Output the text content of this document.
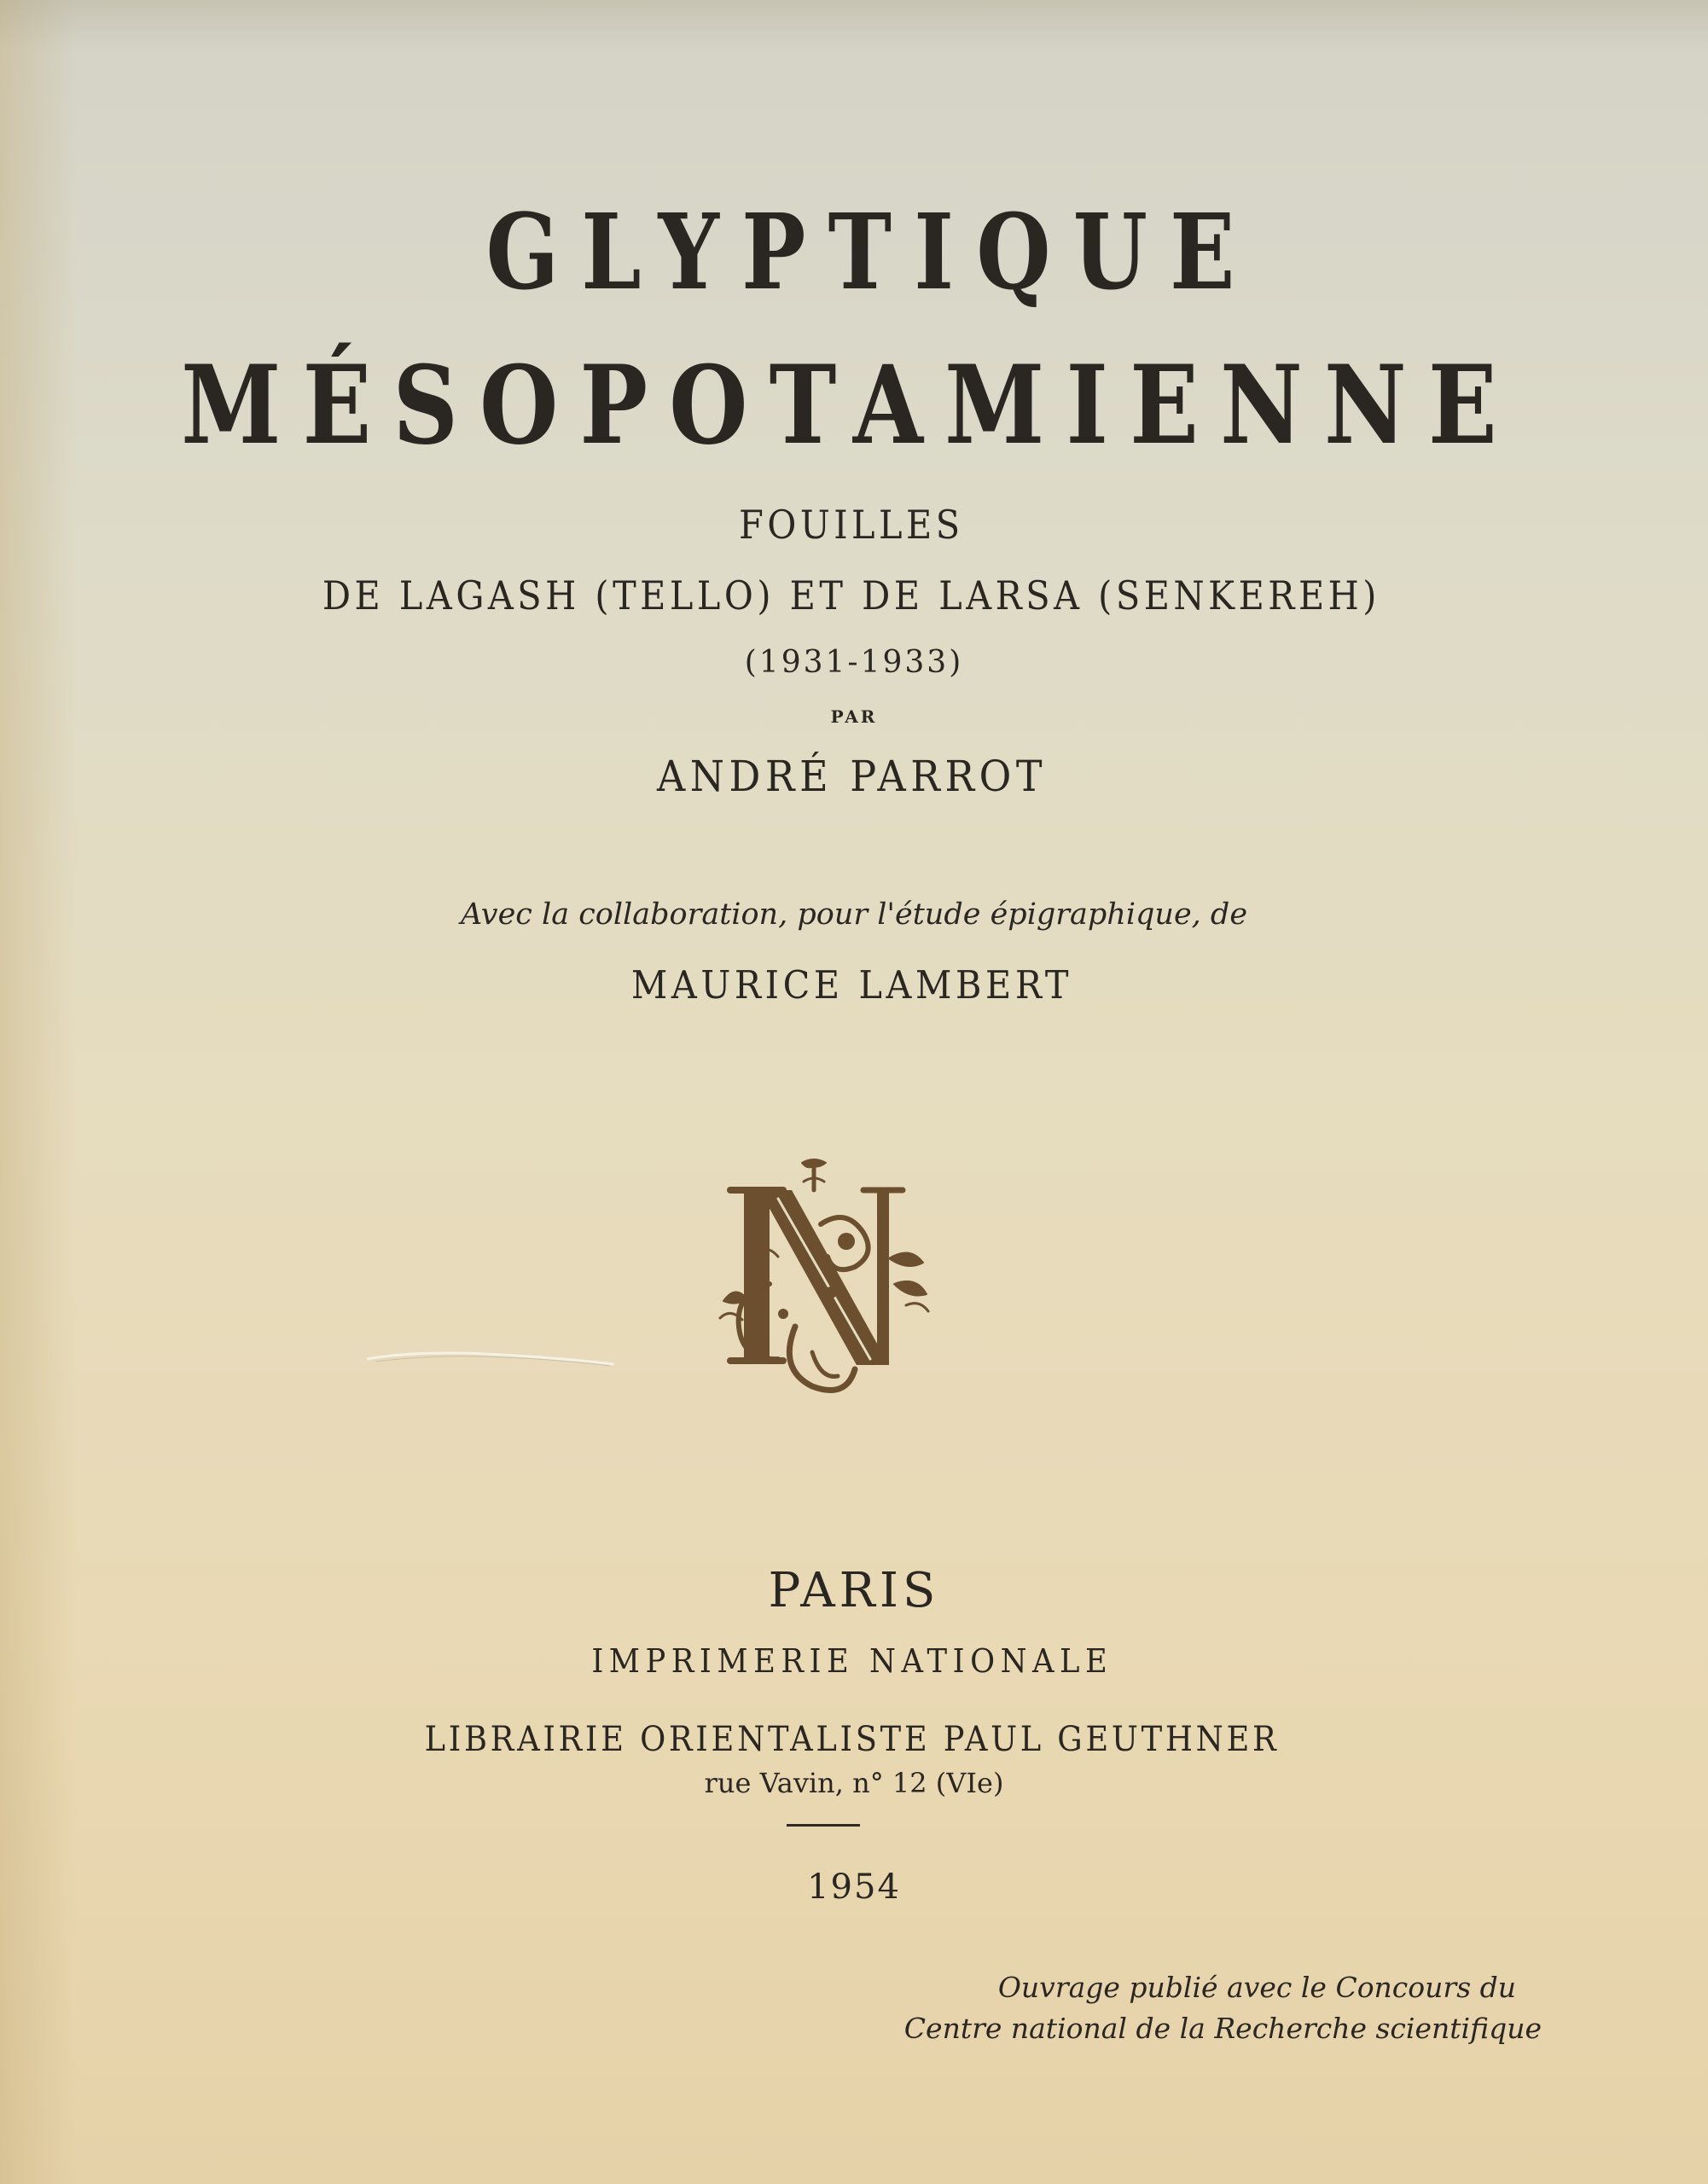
GLYPTIQUE
MÉSOPOTAMIENNE
FOUILLES
DE LAGASH (TELLO) ET DE LARSA (SENKEREH)
(1931-1933)
PAR
ANDRÉ PARROT
Avec la collaboration, pour l'étude épigraphique, de
MAURICE LAMBERT
PARIS
IMPRIMERIE NATIONALE
LIBRAIRIE ORIENTALISTE PAUL GEUTHNER
rue Vavin, n° 12 (VIe)
1954
Ouvrage publié avec le Concours du
Centre national de la Recherche scientifique
